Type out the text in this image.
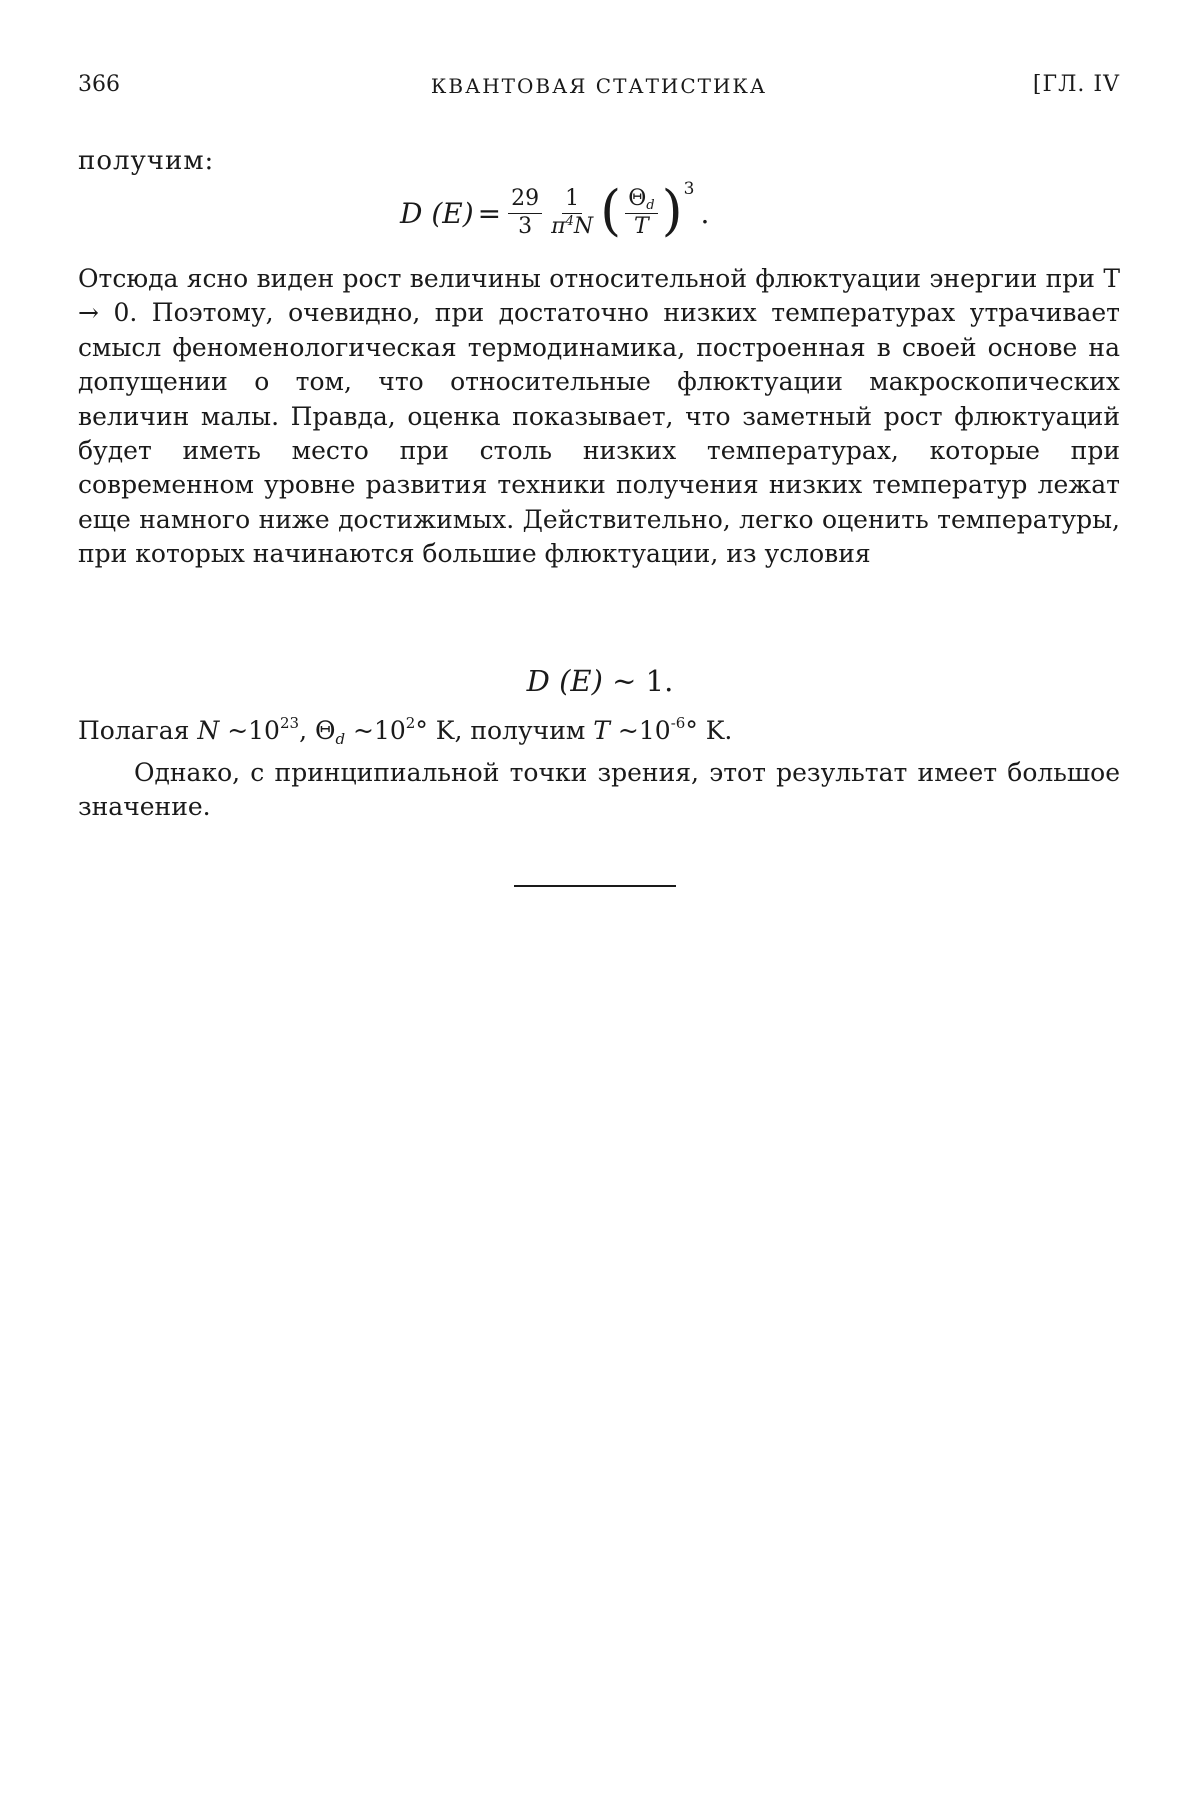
366	КВАНТОВАЯ СТАТИСТИКА	[ГЛ. IV
получим:
D $(E) = \frac{29}{3} \frac{1}{\pi^4N}$ ( $\frac{\Theta d}{T}$ ) 3
.
Отсюда ясно виден рост величины относительной флюктуации энергии при T → 0. Поэтому, очевидно, при достаточно низких температурах утрачивает смысл феноменологическая термодинамика, построенная в своей основе на допущении о том, что относительные флюктуации макроскопических величин малы. Правда, оценка показывает, что заметный рост флюктуаций будет иметь место при столь низких температурах, которые при современном уровне развития техники получения низких температур лежат еще намного ниже достижимых. Действительно, легко оценить температуры, при которых начинаются большие флюктуации, из условия
D (E) ~ 1.
Полагая N $\sim 10^{23}$, $\Theta_d$ $\sim 10^2^\circ$ K, получим T $\sim 10^{-6}^\circ$ K.
Однако, с принципиальной точки зрения, этот результат имеет большое значение.
